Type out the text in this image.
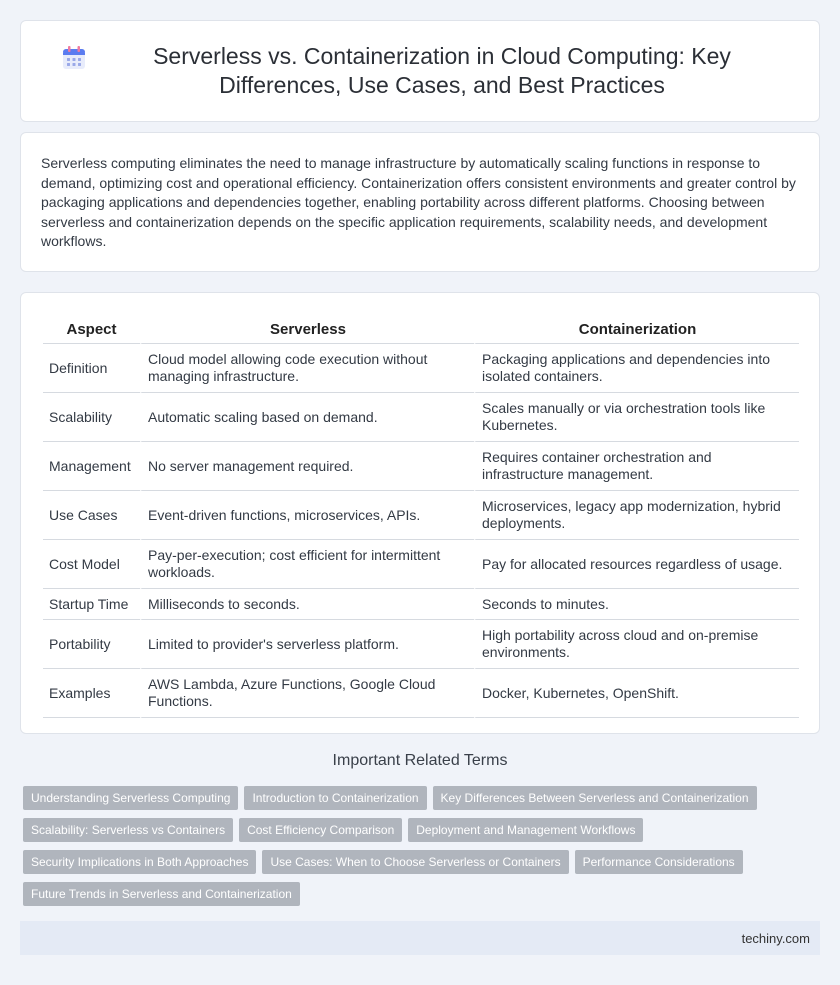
Serverless vs. Containerization in Cloud Computing: Key Differences, Use Cases, and Best Practices

Serverless computing eliminates the need to manage infrastructure by automatically scaling functions in response to demand, optimizing cost and operational efficiency. Containerization offers consistent environments and greater control by packaging applications and dependencies together, enabling portability across different platforms. Choosing between serverless and containerization depends on the specific application requirements, scalability needs, and development workflows.

Aspect	Serverless	Containerization
Definition	Cloud model allowing code execution without managing infrastructure.	Packaging applications and dependencies into isolated containers.
Scalability	Automatic scaling based on demand.	Scales manually or via orchestration tools like Kubernetes.
Management	No server management required.	Requires container orchestration and infrastructure management.
Use Cases	Event-driven functions, microservices, APIs.	Microservices, legacy app modernization, hybrid deployments.
Cost Model	Pay-per-execution; cost efficient for intermittent workloads.	Pay for allocated resources regardless of usage.
Startup Time	Milliseconds to seconds.	Seconds to minutes.
Portability	Limited to provider's serverless platform.	High portability across cloud and on-premise environments.
Examples	AWS Lambda, Azure Functions, Google Cloud Functions.	Docker, Kubernetes, OpenShift.
Important Related Terms
Understanding Serverless Computing	Introduction to Containerization	Key Differences Between Serverless and Containerization
Scalability: Serverless vs Containers	Cost Efficiency Comparison	Deployment and Management Workflows
Security Implications in Both Approaches	Use Cases: When to Choose Serverless or Containers	Performance Considerations
Future Trends in Serverless and Containerization
techiny.com
